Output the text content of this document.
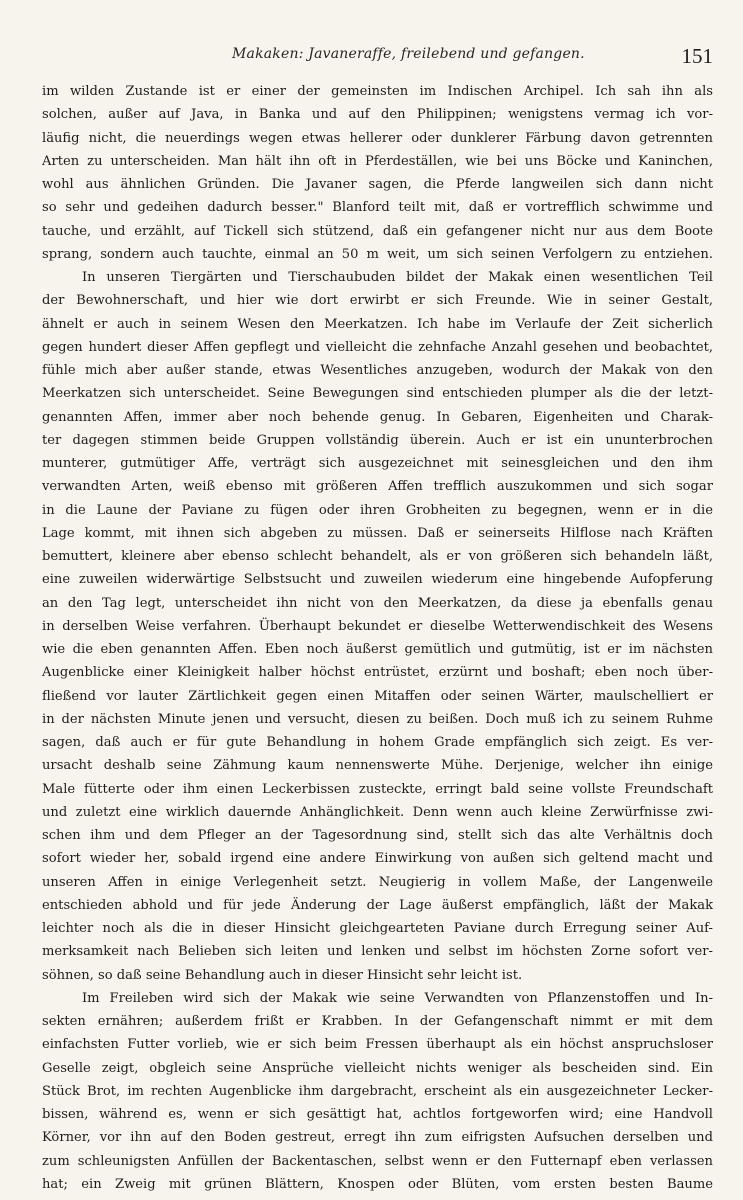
Makaken: Javaneraffe, freilebend und gefangen.	151

im wilden Zustande ist er einer der gemeinsten im Indischen Archipel. Ich sah ihn als
solchen, außer auf Java, in Banka und auf den Philippinen; wenigstens vermag ich vor-
läufig nicht, die neuerdings wegen etwas hellerer oder dunklerer Färbung davon getrennten
Arten zu unterscheiden. Man hält ihn oft in Pferdeställen, wie bei uns Böcke und Kaninchen,
wohl aus ähnlichen Gründen. Die Javaner sagen, die Pferde langweilen sich dann nicht
so sehr und gedeihen dadurch besser." Blanford teilt mit, daß er vortrefflich schwimme und
tauche, und erzählt, auf Tickell sich stützend, daß ein gefangener nicht nur aus dem Boote
sprang, sondern auch tauchte, einmal an 50 m weit, um sich seinen Verfolgern zu entziehen.

In unseren Tiergärten und Tierschaubuden bildet der Makak einen wesentlichen Teil
der Bewohnerschaft, und hier wie dort erwirbt er sich Freunde. Wie in seiner Gestalt,
ähnelt er auch in seinem Wesen den Meerkatzen. Ich habe im Verlaufe der Zeit sicherlich
gegen hundert dieser Affen gepflegt und vielleicht die zehnfache Anzahl gesehen und beobachtet,
fühle mich aber außer stande, etwas Wesentliches anzugeben, wodurch der Makak von den
Meerkatzen sich unterscheidet. Seine Bewegungen sind entschieden plumper als die der letzt-
genannten Affen, immer aber noch behende genug. In Gebaren, Eigenheiten und Charak-
ter dagegen stimmen beide Gruppen vollständig überein. Auch er ist ein ununterbrochen
munterer, gutmütiger Affe, verträgt sich ausgezeichnet mit seinesgleichen und den ihm
verwandten Arten, weiß ebenso mit größeren Affen trefflich auszukommen und sich sogar
in die Laune der Paviane zu fügen oder ihren Grobheiten zu begegnen, wenn er in die
Lage kommt, mit ihnen sich abgeben zu müssen. Daß er seinerseits Hilflose nach Kräften
bemuttert, kleinere aber ebenso schlecht behandelt, als er von größeren sich behandeln läßt,
eine zuweilen widerwärtige Selbstsucht und zuweilen wiederum eine hingebende Aufopferung
an den Tag legt, unterscheidet ihn nicht von den Meerkatzen, da diese ja ebenfalls genau
in derselben Weise verfahren. Überhaupt bekundet er dieselbe Wetterwendischkeit des Wesens
wie die eben genannten Affen. Eben noch äußerst gemütlich und gutmütig, ist er im nächsten
Augenblicke einer Kleinigkeit halber höchst entrüstet, erzürnt und boshaft; eben noch über-
fließend vor lauter Zärtlichkeit gegen einen Mitaffen oder seinen Wärter, maulschelliert er
in der nächsten Minute jenen und versucht, diesen zu beißen. Doch muß ich zu seinem Ruhme
sagen, daß auch er für gute Behandlung in hohem Grade empfänglich sich zeigt. Es ver-
ursacht deshalb seine Zähmung kaum nennenswerte Mühe. Derjenige, welcher ihn einige
Male fütterte oder ihm einen Leckerbissen zusteckte, erringt bald seine vollste Freundschaft
und zuletzt eine wirklich dauernde Anhänglichkeit. Denn wenn auch kleine Zerwürfnisse zwi-
schen ihm und dem Pfleger an der Tagesordnung sind, stellt sich das alte Verhältnis doch
sofort wieder her, sobald irgend eine andere Einwirkung von außen sich geltend macht und
unseren Affen in einige Verlegenheit setzt. Neugierig in vollem Maße, der Langenweile
entschieden abhold und für jede Änderung der Lage äußerst empfänglich, läßt der Makak
leichter noch als die in dieser Hinsicht gleichgearteten Paviane durch Erregung seiner Auf-
merksamkeit nach Belieben sich leiten und lenken und selbst im höchsten Zorne sofort ver-
söhnen, so daß seine Behandlung auch in dieser Hinsicht sehr leicht ist.

Im Freileben wird sich der Makak wie seine Verwandten von Pflanzenstoffen und In-
sekten ernähren; außerdem frißt er Krabben. In der Gefangenschaft nimmt er mit dem
einfachsten Futter vorlieb, wie er sich beim Fressen überhaupt als ein höchst anspruchsloser
Geselle zeigt, obgleich seine Ansprüche vielleicht nichts weniger als bescheiden sind. Ein
Stück Brot, im rechten Augenblicke ihm dargebracht, erscheint als ein ausgezeichneter Lecker-
bissen, während es, wenn er sich gesättigt hat, achtlos fortgeworfen wird; eine Handvoll
Körner, vor ihn auf den Boden gestreut, erregt ihn zum eifrigsten Aufsuchen derselben und
zum schleunigsten Anfüllen der Backentaschen, selbst wenn er den Futternapf eben verlassen
hat; ein Zweig mit grünen Blättern, Knospen oder Blüten, vom ersten besten Baume
